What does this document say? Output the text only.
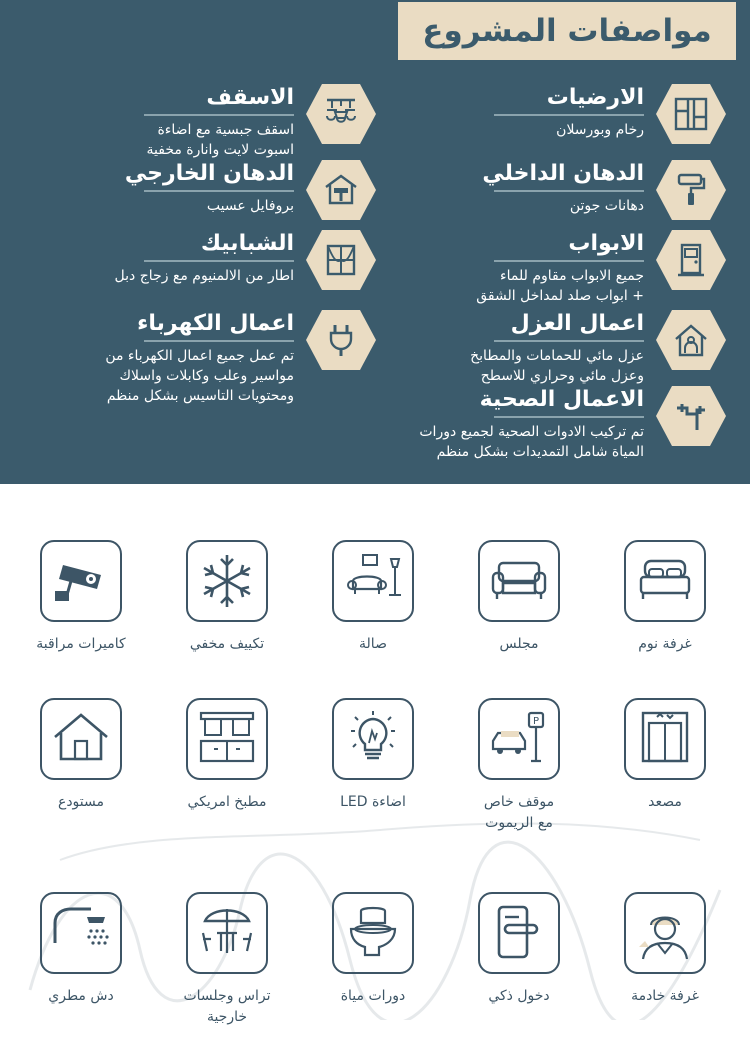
مواصفات المشروع
الارضيات
رخام وبورسلان
الدهان الداخلي
دهانات جوتن
الابواب
جميع الابواب مقاوم للماء
+ ابواب صلد لمداخل الشقق
اعمال العزل
عزل مائي للحمامات والمطابخ
وعزل مائي وحراري للاسطح
الاعمال الصحية
تم تركيب الادوات الصحية لجميع دورات
المياة شامل التمديدات بشكل منظم
الاسقف
اسقف جبسية مع اضاءة
اسبوت لايت وانارة مخفية
الدهان الخارجي
بروفايل عسيب
الشبابيك
اطار من الالمنيوم مع زجاج دبل
اعمال الكهرباء
تم عمل جميع اعمال الكهرباء من
مواسير وعلب وكابلات واسلاك
ومحتويات التاسيس بشكل منظم
غرفة نوم
مجلس
صالة
تكييف مخفي
كاميرات مراقبة
مصعد
P
موقف خاص
مع الريموت
اضاءة LED
مطبخ امريكي
مستودع
غرفة خادمة
دخول ذكي
دورات مياة
تراس وجلسات
خارجية
دش مطري
